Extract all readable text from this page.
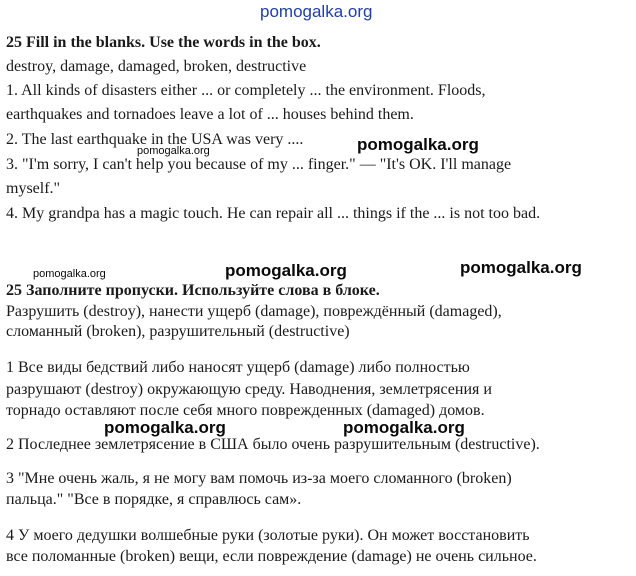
pomogalka.org
25 Fill in the blanks. Use the words in the box.
destroy, damage, damaged, broken, destructive
1. All kinds of disasters either ... or completely ... the environment. Floods,
earthquakes and tornadoes leave a lot of ... houses behind them.
2. The last earthquake in the USA was very ....
3. "I'm sorry, I can't help you because of my ... finger." — "It's OK. I'll manage
myself."
4. My grandpa has a magic touch. He can repair all ... things if the ... is not too bad.
pomogalka.org
pomogalka.org
pomogalka.org	pomogalka.org	pomogalka.org
25 Заполните пропуски. Используйте слова в блоке.
Разрушить (destroy), нанести ущерб (damage), повреждённый (damaged),
сломанный (broken), разрушительный (destructive)
1 Все виды бедствий либо наносят ущерб (damage) либо полностью
разрушают (destroy) окружающую среду. Наводнения, землетрясения и
торнадо оставляют после себя много поврежденных (damaged) домов.
2 Последнее землетрясение в США было очень разрушительным (destructive).
3 "Мне очень жаль, я не могу вам помочь из-за моего сломанного (broken)
пальца." "Все в порядке, я справлюсь сам».
4 У моего дедушки волшебные руки (золотые руки). Он может восстановить
все поломанные (broken) вещи, если повреждение (damage) не очень сильное.
pomogalka.org	pomogalka.org
